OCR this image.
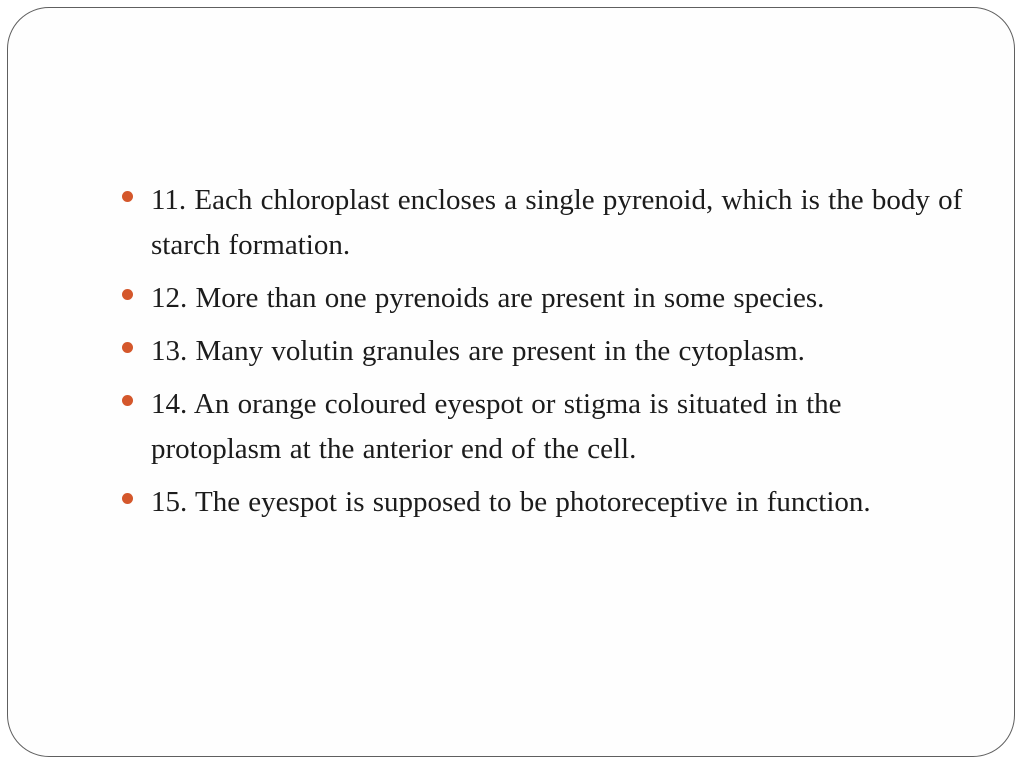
11. Each chloroplast encloses a single pyrenoid, which is the body of starch formation.
12. More than one pyrenoids are present in some species.
13. Many volutin granules are present in the cytoplasm.
14. An orange coloured eyespot or stigma is situated in the protoplasm at the anterior end of the cell.
15. The eyespot is supposed to be photoreceptive in function.
